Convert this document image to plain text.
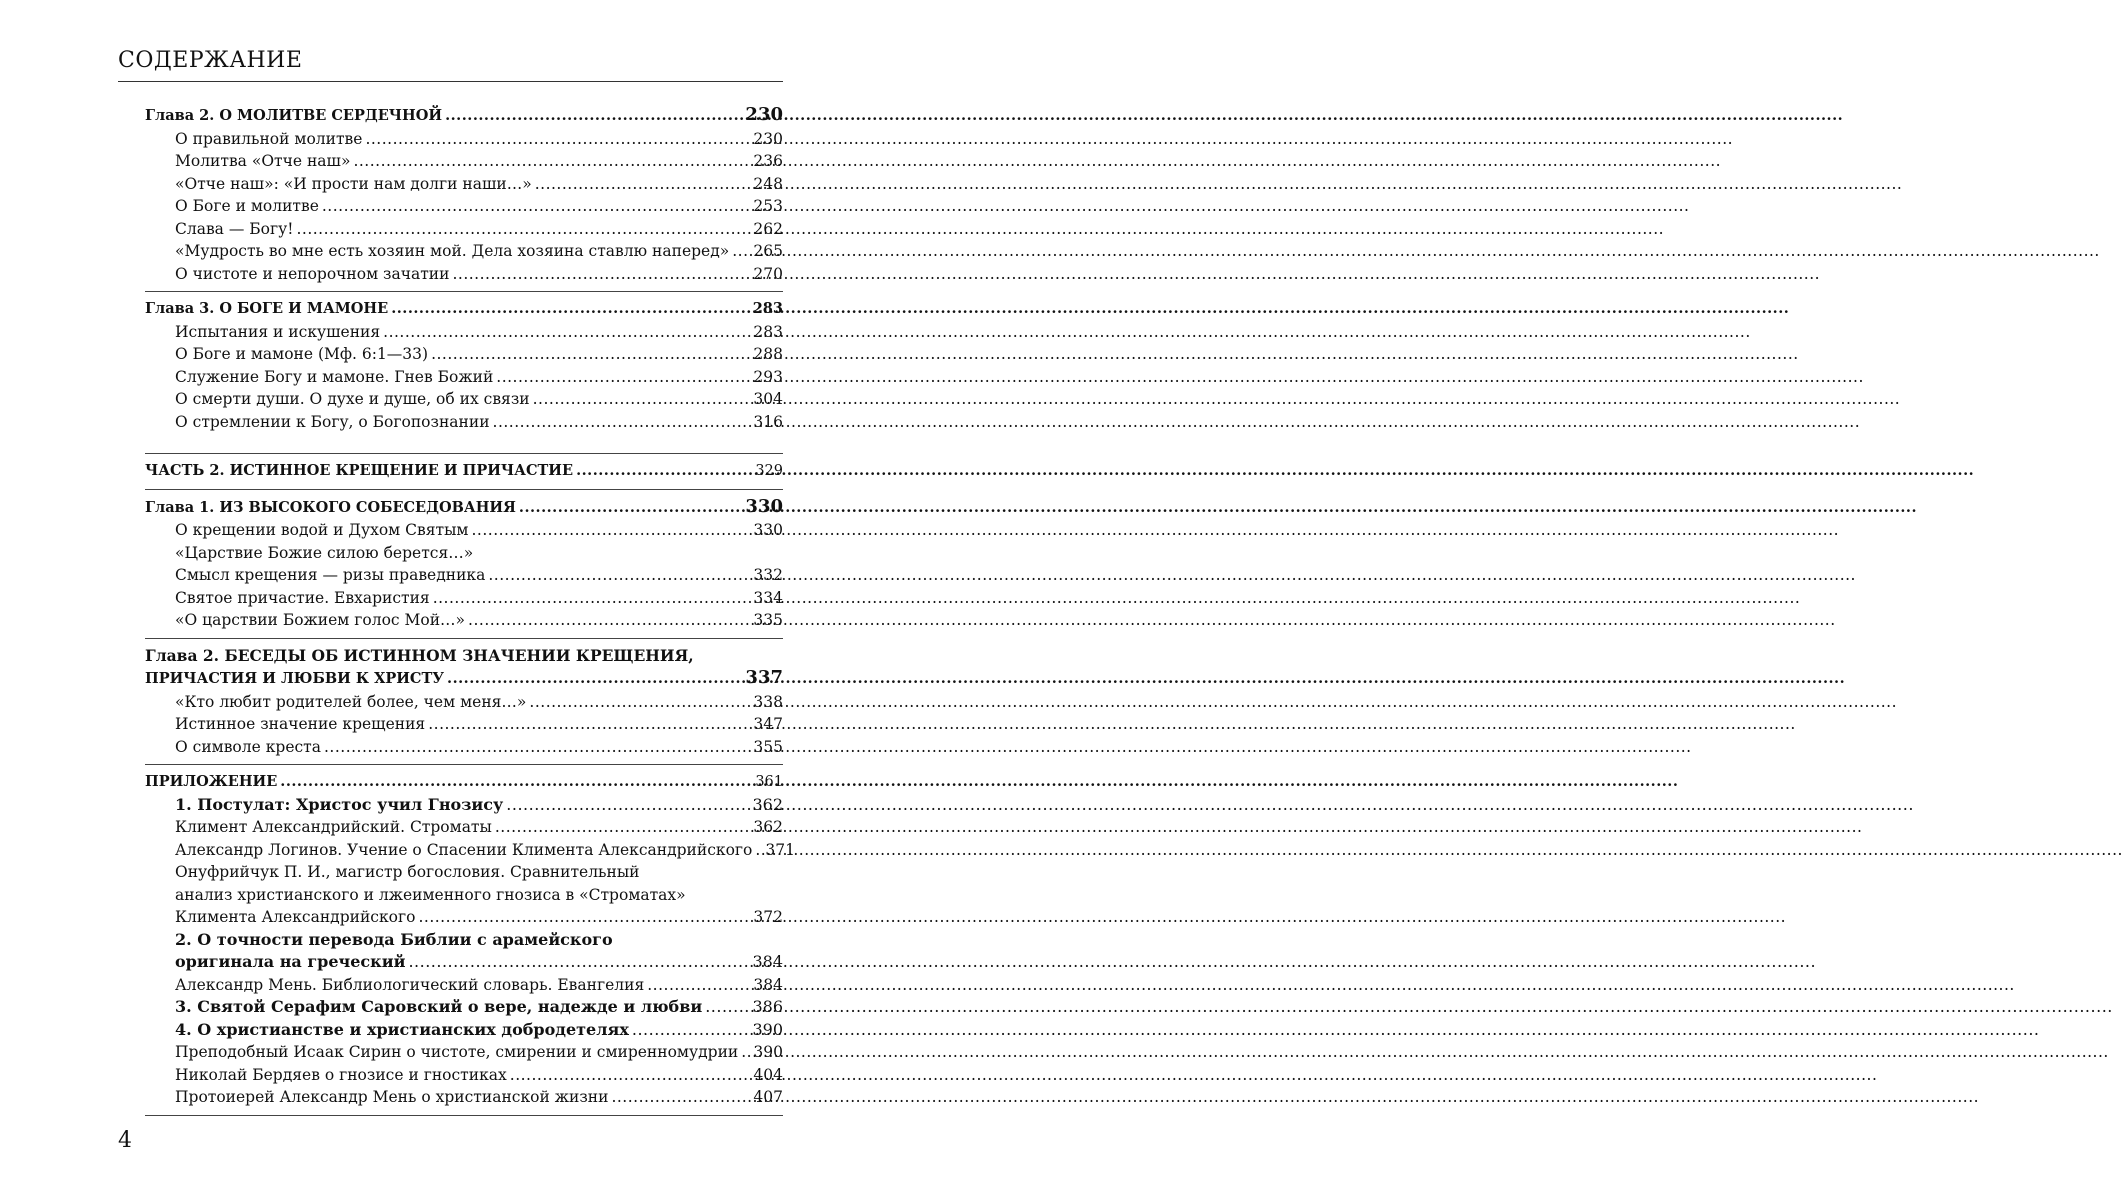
СОДЕРЖАНИЕ
Глава 2. О МОЛИТВЕ СЕРДЕЧНОЙ .....	230
О правильной молитве .....	230
Молитва «Отче наш» .....	236
«Отче наш»: «И прости нам долги наши…» .....	248
О Боге и молитве .....	253
Слава — Богу! .....	262
«Мудрость во мне есть хозяин мой. Дела хозяина ставлю наперед» ..... 265
О чистоте и непорочном зачатии .....	270
Глава 3. О БОГЕ И МАМОНЕ .....	283
Испытания и искушения .....	283
О Боге и мамоне (Мф. 6:1—33) .....	288
Служение Богу и мамоне. Гнев Божий .....	293
О смерти души. О духе и душе, об их связи .....	304
О стремлении к Богу, о Богопознании .....	316
ЧАСТЬ 2. ИСТИННОЕ КРЕЩЕНИЕ И ПРИЧАСТИЕ .....	329
Глава 1. ИЗ ВЫСОКОГО СОБЕСЕДОВАНИЯ .....	330
О крещении водой и Духом Святым .....	330
«Царствие Божие силою берется…»
Смысл крещения — ризы праведника .....	332
Святое причастие. Евхаристия .....	334
«О царствии Божием голос Мой…» .....	335
Глава 2. БЕСЕДЫ ОБ ИСТИННОМ ЗНАЧЕНИИ КРЕЩЕНИЯ,
ПРИЧАСТИЯ И ЛЮБВИ К ХРИСТУ .....	337
«Кто любит родителей более, чем меня…» .....	338
Истинное значение крещения .....	347
О символе креста .....	355
ПРИЛОЖЕНИЕ .....	361
1. Постулат: Христос учил Гнозису .....	362
Климент Александрийский. Строматы .....	362
Александр Логинов. Учение о Спасении Климента Александрийского ..... 371
Онуфрийчук П. И., магистр богословия. Сравнительный
анализ христианского и лжеименного гнозиса в «Строматах»
Климента Александрийского .....	372
2. О точности перевода Библии с арамейского
оригинала на греческий .....	384
Александр Мень. Библиологический словарь. Евангелия .....	384
3. Святой Серафим Саровский о вере, надежде и любви .....	386
4. О христианстве и христианских добродетелях .....	390
Преподобный Исаак Сирин о чистоте, смирении и смиренномудрии ..... 390
Николай Бердяев о гнозисе и гностиках .....	404
Протоиерей Александр Мень о христианской жизни .....	407
4
